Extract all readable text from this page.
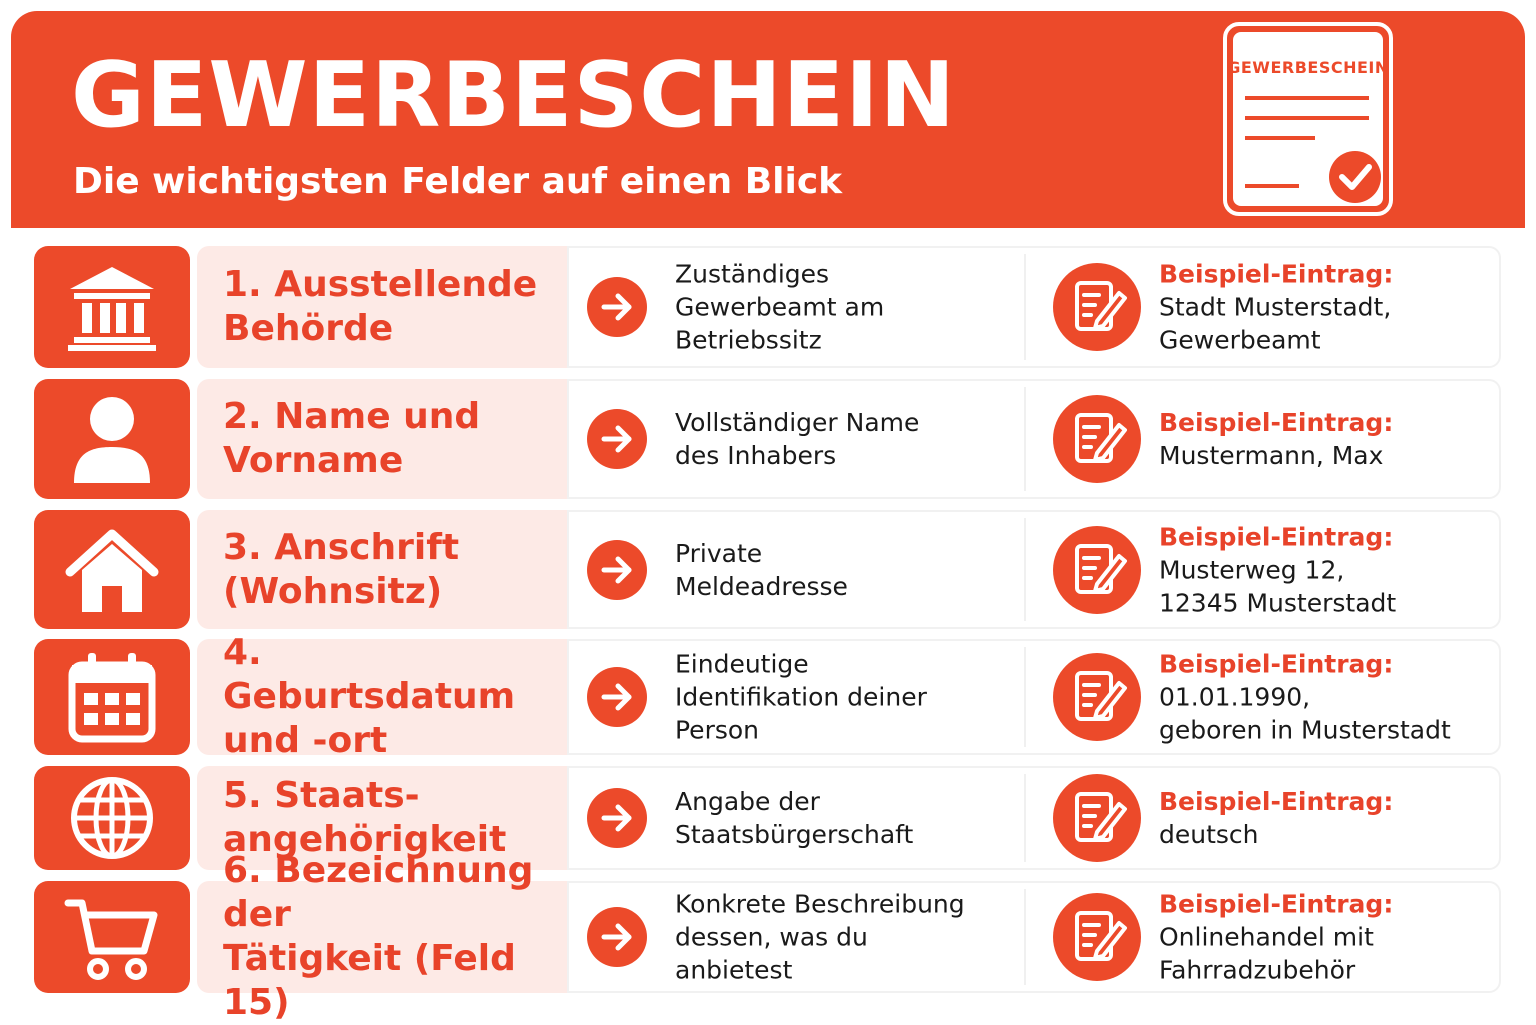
GEWERBESCHEIN

Die wichtigsten Felder auf einen Blick

GEWERBESCHEIN
1. Ausstellende
Behörde
Zuständiges
Gewerbeamt am
Betriebssitz
Beispiel-Eintrag:
Stadt Musterstadt,
Gewerbeamt
2. Name und
Vorname
Vollständiger Name
des Inhabers
Beispiel-Eintrag:
Mustermann, Max
3. Anschrift
(Wohnsitz)
Private
Meldeadresse
Beispiel-Eintrag:
Musterweg 12,
12345 Musterstadt
4. Geburtsdatum
und -ort
Eindeutige
Identifikation deiner
Person
Beispiel-Eintrag:
01.01.1990,
geboren in Musterstadt
5. Staats-
angehörigkeit
Angabe der
Staatsbürgerschaft
Beispiel-Eintrag:
deutsch
6. Bezeichnung der
Tätigkeit (Feld 15)
Konkrete Beschreibung
dessen, was du
anbietest
Beispiel-Eintrag:
Onlinehandel mit
Fahrradzubehör
